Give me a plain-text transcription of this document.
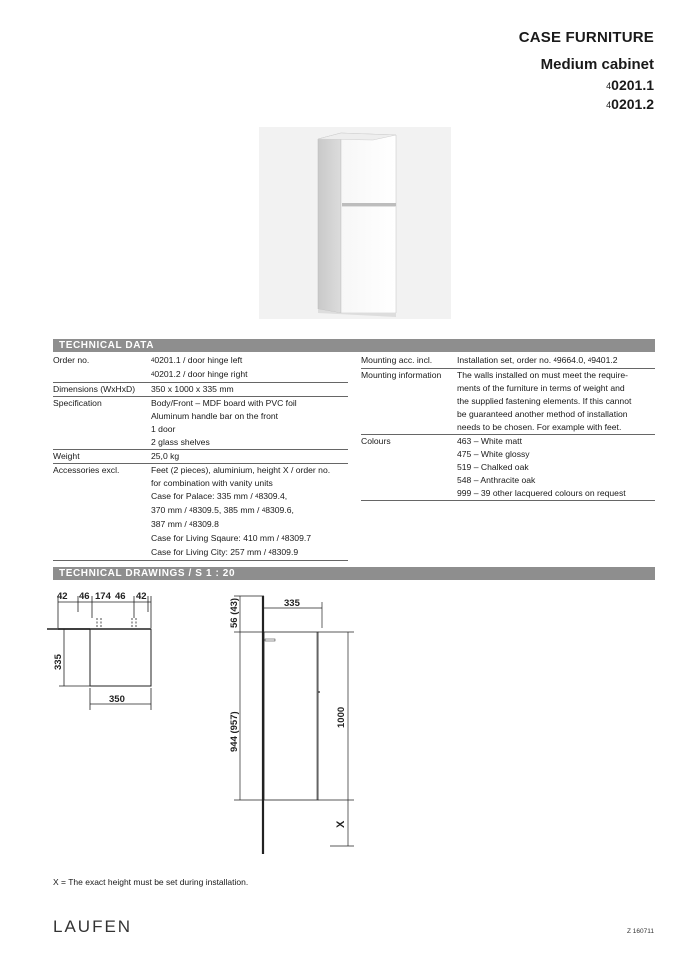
CASE FURNITURE
Medium cabinet
40201.1
40201.2
TECHNICAL DATA
Order no.	40201.1 / door hinge left
40201.2 / door hinge right
Dimensions (WxHxD)	350 x 1000 x 335 mm
Specification	Body/Front – MDF board with PVC foil
Aluminum handle bar on the front
1 door
2 glass shelves
Weight	25,0 kg
Accessories excl.	Feet (2 pieces), aluminium, height X / order no.
for combination with vanity units
Case for Palace: 335 mm / 48309.4,
370 mm / 48309.5, 385 mm / 48309.6,
387 mm / 48309.8
Case for Living Sqaure: 410 mm / 48309.7
Case for Living City: 257 mm / 48309.9
Mounting acc. incl.	Installation set, order no. 49664.0, 49401.2
Mounting information	The walls installed on must meet the require-
ments of the furniture in terms of weight and
the supplied fastening elements. If this cannot
be guaranteed another method of installation
needs to be chosen. For example with feet.
Colours	463 – White matt
475 – White glossy
519 – Chalked oak
548 – Anthracite oak
999 – 39 other lacquered colours on request
TECHNICAL DRAWINGS / S 1 : 20
42 46 174 46 42
335
350
56 (43)	335
944 (957)	1000
X
X = The exact height must be set during installation.
LAUFEN	Z 160711
